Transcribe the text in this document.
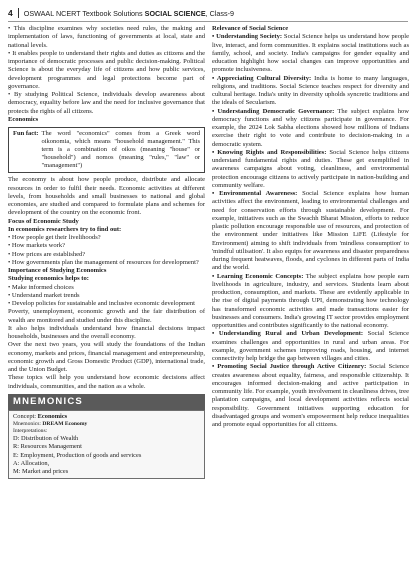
4 OSWAAL NCERT Textbook Solutions SOCIAL SCIENCE, Class-9

• This discipline examines why societies need rules, the making and implementation of laws, functioning of governments at local, state and national levels.

• It enables people to understand their rights and duties as citizens and the importance of democratic processes and public decision-making. Political Science is about the everyday life of citizens and how public services, development programmes and legal protections become part of governance.

• By studying Political Science, individuals develop awareness about democracy, equality before law and the need for inclusive governance that protects the rights of all citizens.

Economics

Fun fact: The word "economics" comes from a Greek word oikonomia, which means "household management." This term is a combination of oikos (meaning "house" or "household") and nomos (meaning "rules," "law" or "management")

The economy is about how people produce, distribute and allocate resources in order to fulfil their needs. Economic activities at different levels, from households and small businesses to national and global economies, are studied and compared to formulate plans and schemes for development of the country on the economic front.

Focus of Economic Study

In economics researchers try to find out:

• How people get their livelihoods?

• How markets work?

• How prices are established?

• How governments plan the management of resources for development?

Importance of Studying Economics

Studying economics helps to:

• Make informed choices

• Understand market trends

• Develop policies for sustainable and inclusive economic development

Poverty, unemployment, economic growth and the fair distribution of wealth are monitored and studied under this discipline.

It also helps individuals understand how financial decisions impact households, businesses and the overall economy.

Over the next two years, you will study the foundations of the Indian economy, markets and prices, financial management and entrepreneurship, economic growth and Gross Domestic Product (GDP), international trade, and the Union Budget.

These topics will help you understand how economic decisions affect individuals, communities, and the nation as a whole.

MNEMONICS

Concept: Economics

Mnemonics: DREAM Economy

Interpretations:

D: Distribution of Wealth

R: Resources Management

E: Employment, Production of goods and services

A: Allocation,

M: Market and prices

Relevance of Social Science

• Understanding Society: Social Science helps us understand how people live, interact, and form communities. It explains social institutions such as family, school, and society. India's campaigns for gender equality and education highlight how social changes can improve opportunities and promote inclusiveness.

• Appreciating Cultural Diversity: India is home to many languages, religions, and traditions. Social Science teaches respect for diversity and cultural heritage. India's unity in diversity upholds syncretic traditions and the ideals of Secularism.

• Understanding Democratic Governance: The subject explains how democracy functions and why citizens participate in governance. For example, the 2024 Lok Sabha elections showed how millions of Indians exercise their right to vote and contribute to decision-making in a democratic system.

• Knowing Rights and Responsibilities: Social Science helps citizens understand fundamental rights and duties. These get exemplified in awareness campaigns about voting, cleanliness, and environmental protection encourage citizens to actively participate in nation-building and community welfare.

• Environmental Awareness: Social Science explains how human activities affect the environment, leading to environmental challenges and need for conservation efforts through sustainable development. For example, initiatives such as the Swachh Bharat Mission, efforts to reduce plastic pollution encourage responsible use of resources, and protection of the environment under initiatives like Mission LiFE (Lifestyle for Environment) aiming to shift individuals from 'mindless consumption' to 'mindful utilisation'. It also equips for awareness and disaster preparedness during frequent heatwaves, floods, and cyclones in different parts of India and the world.

• Learning Economic Concepts: The subject explains how people earn livelihoods in agriculture, industry, and services. Students learn about production, consumption, and markets. These are evidently applicable in the rise of digital payments through UPI, demonstrating how technology has transformed economic activities and made transactions easier for businesses and consumers. India's growing IT sector provides employment opportunities and contributes significantly to the national economy.

• Understanding Rural and Urban Development: Social Science examines challenges and opportunities in rural and urban areas. For example, government schemes improving roads, housing, and internet connectivity help bridge the gap between villages and cities.

• Promoting Social Justice through Active Citizenry: Social Science creates awareness about equality, fairness, and responsible citizenship. It encourages informed decision-making and active participation in community life. For example, youth involvement in cleanliness drives, tree plantation campaigns, and local development activities reflects social responsibility. Government initiatives supporting education for disadvantaged groups and women's empowerment help reduce inequalities and promote equal opportunities for all citizens.
